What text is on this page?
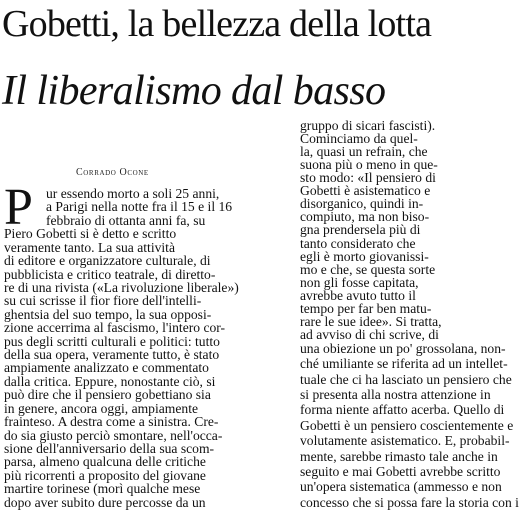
Gobetti, la bellezza della lotta
Il liberalismo dal basso
Corrado Ocone
P ur essendo morto a soli 25 anni,
a Parigi nella notte fra il 15 e il 16
febbraio di ottanta anni fa, su
Piero Gobetti si è detto e scritto
veramente tanto. La sua attività
di editore e organizzatore culturale, di
pubblicista e critico teatrale, di diretto-
re di una rivista («La rivoluzione liberale»)
su cui scrisse il fior fiore dell'intelli-
ghentsia del suo tempo, la sua opposi-
zione accerrima al fascismo, l'intero cor-
pus degli scritti culturali e politici: tutto
della sua opera, veramente tutto, è stato
ampiamente analizzato e commentato
dalla critica. Eppure, nonostante ciò, si
può dire che il pensiero gobettiano sia
in genere, ancora oggi, ampiamente
frainteso. A destra come a sinistra. Cre-
do sia giusto perciò smontare, nell'occa-
sione dell'anniversario della sua scom-
parsa, almeno qualcuna delle critiche
più ricorrenti a proposito del giovane
martire torinese (morì qualche mese
dopo aver subito dure percosse da un
gruppo di sicari fascisti).
Cominciamo da quel-
la, quasi un refrain, che
suona più o meno in que-
sto modo: «Il pensiero di
Gobetti è asistematico e
disorganico, quindi in-
compiuto, ma non biso-
gna prendersela più di
tanto considerato che
egli è morto giovanissi-
mo e che, se questa sorte
non gli fosse capitata,
avrebbe avuto tutto il
tempo per far ben matu-
rare le sue idee». Si tratta,
ad avviso di chi scrive, di
una obiezione un po' grossolana, non-
ché umiliante se riferita ad un intellet-
tuale che ci ha lasciato un pensiero che
si presenta alla nostra attenzione in
forma niente affatto acerba. Quello di
Gobetti è un pensiero coscientemente e
volutamente asistematico. E, probabil-
mente, sarebbe rimasto tale anche in
seguito e mai Gobetti avrebbe scritto
un'opera sistematica (ammesso e non
concesso che si possa fare la storia con i
